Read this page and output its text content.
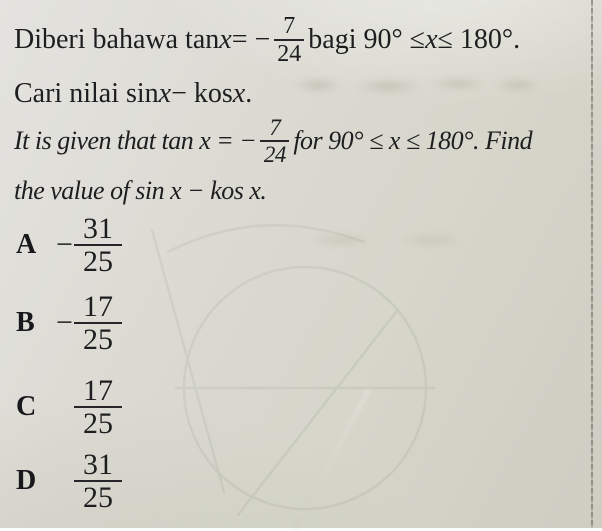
Diberi bahawa tan x = − $\frac{7}{24}$ bagi 90° ≤ x ≤ 180°.
Cari nilai sin x − kos x .
It is given that tan x = − $\frac{7}{24}$ for 90° ≤ x ≤ 180°. Find
the value of sin x − kos x.
$A - \frac{31}{25}$
$B - \frac{17}{25}$
C	$\frac{17}{25}$
D	$\frac{31}{25}$
